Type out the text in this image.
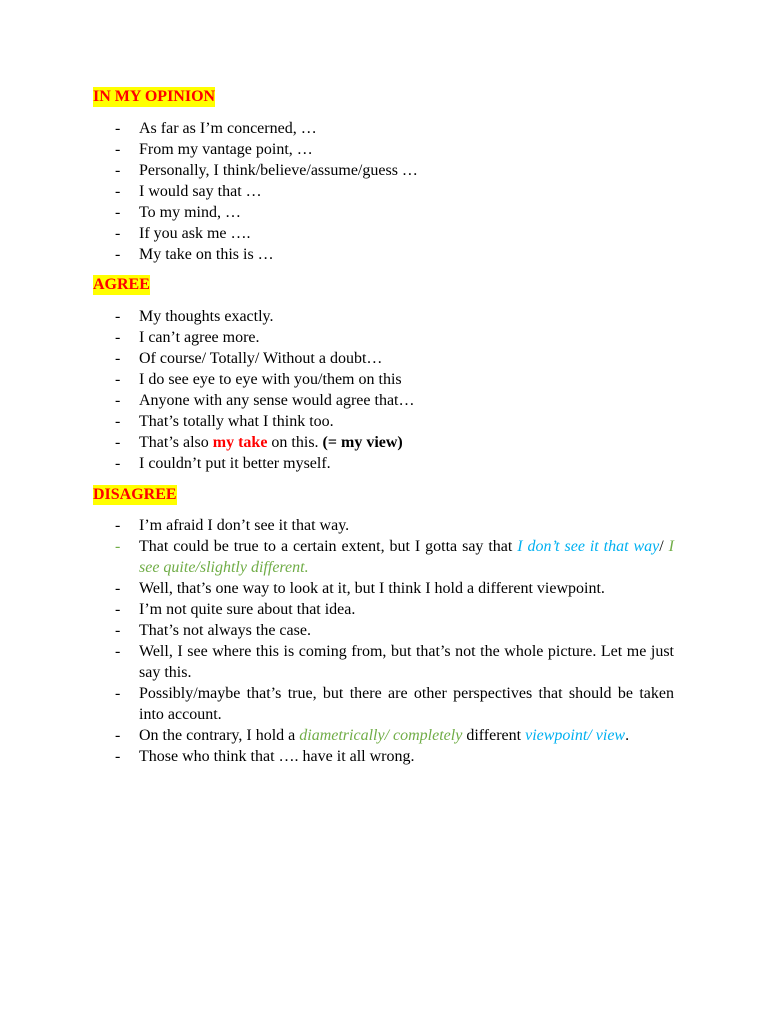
IN MY OPINION
- As far as I’m concerned, …
- From my vantage point, …
- Personally, I think/believe/assume/guess …
- I would say that …
- To my mind, …
- If you ask me ….
- My take on this is …
AGREE
- My thoughts exactly.
- I can’t agree more.
- Of course/ Totally/ Without a doubt…
- I do see eye to eye with you/them on this
- Anyone with any sense would agree that…
- That’s totally what I think too.
- That’s also my take on this. (= my view)
- I couldn’t put it better myself.
DISAGREE
- I’m afraid I don’t see it that way.
- That could be true to a certain extent, but I gotta say that I don’t see it that way/ I see quite/slightly different.
- Well, that’s one way to look at it, but I think I hold a different viewpoint.
- I’m not quite sure about that idea.
- That’s not always the case.
- Well, I see where this is coming from, but that’s not the whole picture. Let me just say this.
- Possibly/maybe that’s true, but there are other perspectives that should be taken into account.
- On the contrary, I hold a diametrically/ completely different viewpoint/ view.
- Those who think that …. have it all wrong.
